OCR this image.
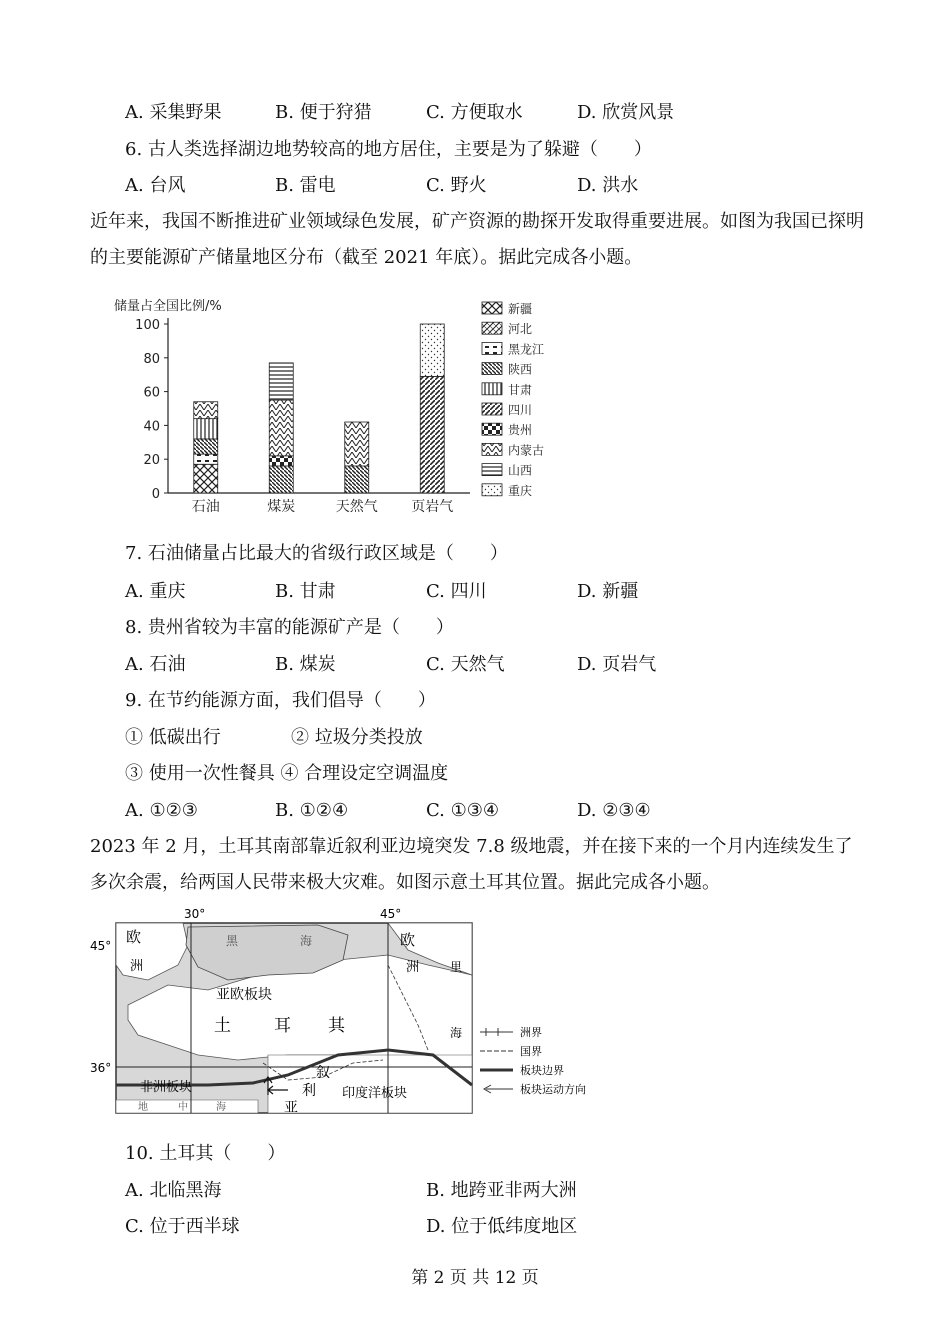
A. 采集野果	B. 便于狩猎	C. 方便取水	D. 欣赏风景
6. 古人类选择湖边地势较高的地方居住，主要是为了躲避（　　）
A. 台风	B. 雷电	C. 野火	D. 洪水
近年来，我国不断推进矿业领域绿色发展，矿产资源的勘探开发取得重要进展。如图为我国已探明的主要能源矿产储量地区分布（截至 2021 年底）。据此完成各小题。
储量占全国比例/%
0
20
40
60
80
100
石油	煤炭	天然气 页岩气
新疆
河北
黑龙江
陕西
甘肃
四川
贵州
内蒙古
山西
重庆
7. 石油储量占比最大的省级行政区域是（　　）
A. 重庆	B. 甘肃	C. 四川	D. 新疆
8. 贵州省较为丰富的能源矿产是（　　）
A. 石油	B. 煤炭	C. 天然气	D. 页岩气
9. 在节约能源方面，我们倡导（　　）
① 低碳出行	② 垃圾分类投放
③ 使用一次性餐具 ④ 合理设定空调温度
A. ①②③	B. ①②④	C. ①③④	D. ②③④
2023 年 2 月，土耳其南部靠近叙利亚边境突发 7.8 级地震，并在接下来的一个月内连续发生了多次余震，给两国人民带来极大灾难。如图示意土耳其位置。据此完成各小题。
30°	45°
45°
36°
欧
洲
黑	海	欧
洲	里
海
亚欧板块
土	耳 其
非洲板块
地	中	海
叙
利
亚
印度洋板块
洲界
国界
板块边界
板块运动方向
10. 土耳其（　　）
A. 北临黑海	B. 地跨亚非两大洲
C. 位于西半球	D. 位于低纬度地区
第 2 页 共 12 页
